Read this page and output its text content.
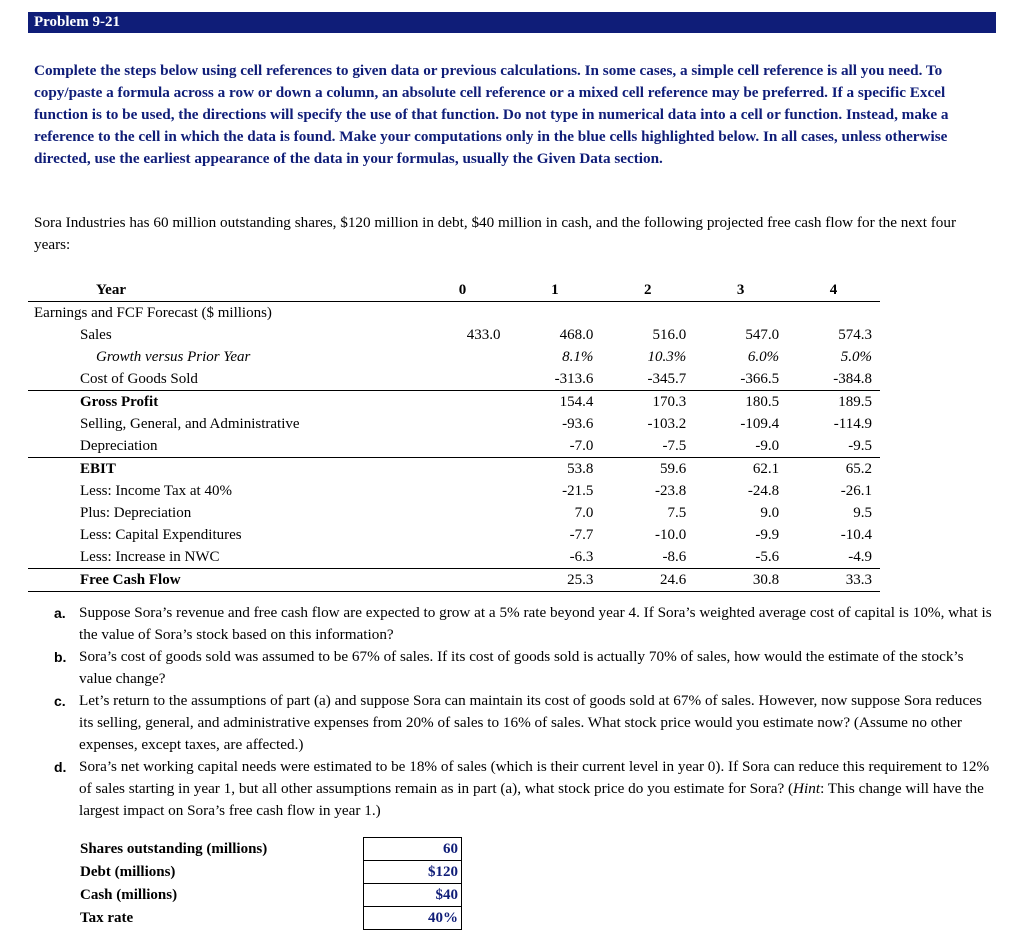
Problem 9-21

Complete the steps below using cell references to given data or previous calculations. In some cases, a simple cell reference is all you need. To copy/paste a formula across a row or down a column, an absolute cell reference or a mixed cell reference may be preferred. If a specific Excel function is to be used, the directions will specify the use of that function. Do not type in numerical data into a cell or function. Instead, make a reference to the cell in which the data is found. Make your computations only in the blue cells highlighted below. In all cases, unless otherwise directed, use the earliest appearance of the data in your formulas, usually the Given Data section.

Sora Industries has 60 million outstanding shares, $120 million in debt, $40 million in cash, and the following projected free cash flow for the next four years:

Year	0	1	2	3	4
Earnings and FCF Forecast ($ millions)					
Sales	433.0	468.0	516.0	547.0	574.3
Growth versus Prior Year		8.1%	10.3%	6.0%	5.0%
Cost of Goods Sold		-313.6	-345.7	-366.5	-384.8
Gross Profit		154.4	170.3	180.5	189.5
Selling, General, and Administrative		-93.6	-103.2	-109.4	-114.9
Depreciation		-7.0	-7.5	-9.0	-9.5
EBIT		53.8	59.6	62.1	65.2
Less: Income Tax at 40%		-21.5	-23.8	-24.8	-26.1
Plus: Depreciation		7.0	7.5	9.0	9.5
Less: Capital Expenditures		-7.7	-10.0	-9.9	-10.4
Less: Increase in NWC		-6.3	-8.6	-5.6	-4.9
Free Cash Flow		25.3	24.6	30.8	33.3
a. Suppose Sora’s revenue and free cash flow are expected to grow at a 5% rate beyond year 4. If Sora’s weighted average cost of capital is 10%, what is the value of Sora’s stock based on this information?
b. Sora’s cost of goods sold was assumed to be 67% of sales. If its cost of goods sold is actually 70% of sales, how would the estimate of the stock’s value change?
c. Let’s return to the assumptions of part (a) and suppose Sora can maintain its cost of goods sold at 67% of sales. However, now suppose Sora reduces its selling, general, and administrative expenses from 20% of sales to 16% of sales. What stock price would you estimate now? (Assume no other expenses, except taxes, are affected.)
d. Sora’s net working capital needs were estimated to be 18% of sales (which is their current level in year 0). If Sora can reduce this requirement to 12% of sales starting in year 1, but all other assumptions remain as in part (a), what stock price do you estimate for Sora? (Hint: This change will have the largest impact on Sora’s free cash flow in year 1.)
Shares outstanding (millions)	60
Debt (millions)	$120
Cash (millions)	$40
Tax rate	40%
